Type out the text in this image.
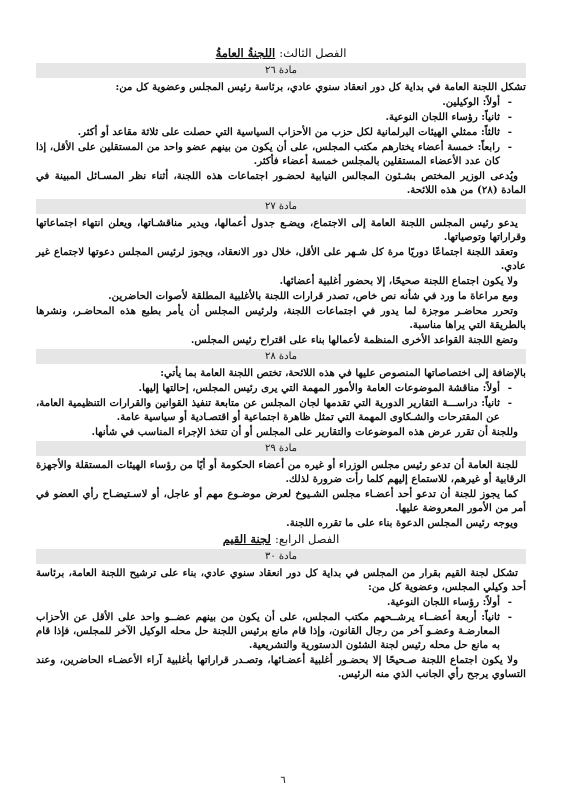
الفصل الثالث: اللجنةُ العامةُ
مادة ٢٦

تشكل اللجنة العامة في بداية كل دور انعقاد سنوي عادي، برئاسة رئيس المجلس وعضوية كل من:

- أولاً: الوكيلين.
- ثانياً: رؤساء اللجان النوعية.
- ثالثاً: ممثلي الهيئات البرلمانية لكل حزب من الأحزاب السياسية التي حصلت على ثلاثة مقاعد أو أكثر.
- رابعاً: خمسة أعضاء يختارهم مكتب المجلس، على أن يكون من بينهم عضو واحد من المستقلين على الأقل، إذا كان عدد الأعضاء المستقلين بالمجلس خمسة أعضاء فأكثر.

ويُدعى الوزير المختص بشـئون المجالس النيابية لحضـور اجتماعات هذه اللجنة، أثناء نظر المسـائل المبينة في المادة (٢٨) من هذه اللائحة.

مادة ٢٧

يدعو رئيس المجلس اللجنة العامة إلى الاجتماع، ويضـع جدول أعمالها، ويدير مناقشـاتها، ويعلن انتهاء اجتماعاتها وقراراتها وتوصياتها.

وتعقد اللجنة اجتماعًا دوريًا مرة كل شـهر على الأقل، خلال دور الانعقاد، ويجوز لرئيس المجلس دعوتها لاجتماع غير عادي.

ولا يكون اجتماع اللجنة صحيحًا، إلا بحضور أغلبية أعضائها.

ومع مراعاة ما ورد في شأنه نص خاص، تصدر قرارات اللجنة بالأغلبية المطلقة لأصوات الحاضرين.

وتحرر محاضـر موجزة لما يدور في اجتماعات اللجنة، ولرئيس المجلس أن يأمر بطبع هذه المحاضـر، ونشرها بالطريقة التي يراها مناسبة.

وتضع اللجنة القواعد الأخرى المنظمة لأعمالها بناء على اقتراح رئيس المجلس.

مادة ٢٨

بالإضافة إلى اختصاصاتها المنصوص عليها في هذه اللائحة، تختص اللجنة العامة بما يأتي:

- أولاً: مناقشة الموضوعات العامة والأمور المهمة التي يرى رئيس المجلس، إحالتها إليها.
- ثانياً: دراســـة التقارير الدورية التي تقدمها لجان المجلس عن متابعة تنفيذ القوانين والقرارات التنظيمية العامة، عن المقترحات والشـكاوى المهمة التي تمثل ظاهرة اجتماعية أو اقتصـادية أو سياسية عامة.

وللجنة أن تقرر عرض هذه الموضوعات والتقارير على المجلس أو أن تتخذ الإجراء المناسب في شأنها.

مادة ٢٩

للجنة العامة أن تدعو رئيس مجلس الوزراء أو غيره من أعضاء الحكومة أو أيًا من رؤساء الهيئات المستقلة والأجهزة الرقابية أو غيرهم، للاستماع إليهم كلما رأت ضرورة لذلك.

كما يجوز للجنة أن تدعو أحد أعضـاء مجلس الشـيوخ لعرض موضـوع مهم أو عاجل، أو لاسـتيضـاح رأي العضو في أمر من الأمور المعروضة عليها.

ويوجه رئيس المجلس الدعوة بناء على ما تقرره اللجنة.

الفصل الرابع: لجنة القيم
مادة ٣٠

تشكل لجنة القيم بقرار من المجلس في بداية كل دور انعقاد سنوي عادي، بناء على ترشيح اللجنة العامة، برئاسة أحد وكيلي المجلس، وعضوية كل من:

- أولاً: رؤساء اللجان النوعية.
- ثانياً: أربعة أعضــاء يرشــحهم مكتب المجلس، على أن يكون من بينهم عضــو واحد على الأقل عن الأحزاب المعارضـة وعضـو آخر من رجال القانون، وإذا قام مانع برئيس اللجنة حل محله الوكيل الآخر للمجلس، فإذا قام به مانع حل محله رئيس لجنة الشئون الدستورية والتشريعية.

ولا يكون اجتماع اللجنة صـحيحًا إلا بحضـور أغلبية أعضـائها، وتصـدر قراراتها بأغلبية آراء الأعضـاء الحاضرين، وعند التساوي يرجح رأي الجانب الذي منه الرئيس.

٦
